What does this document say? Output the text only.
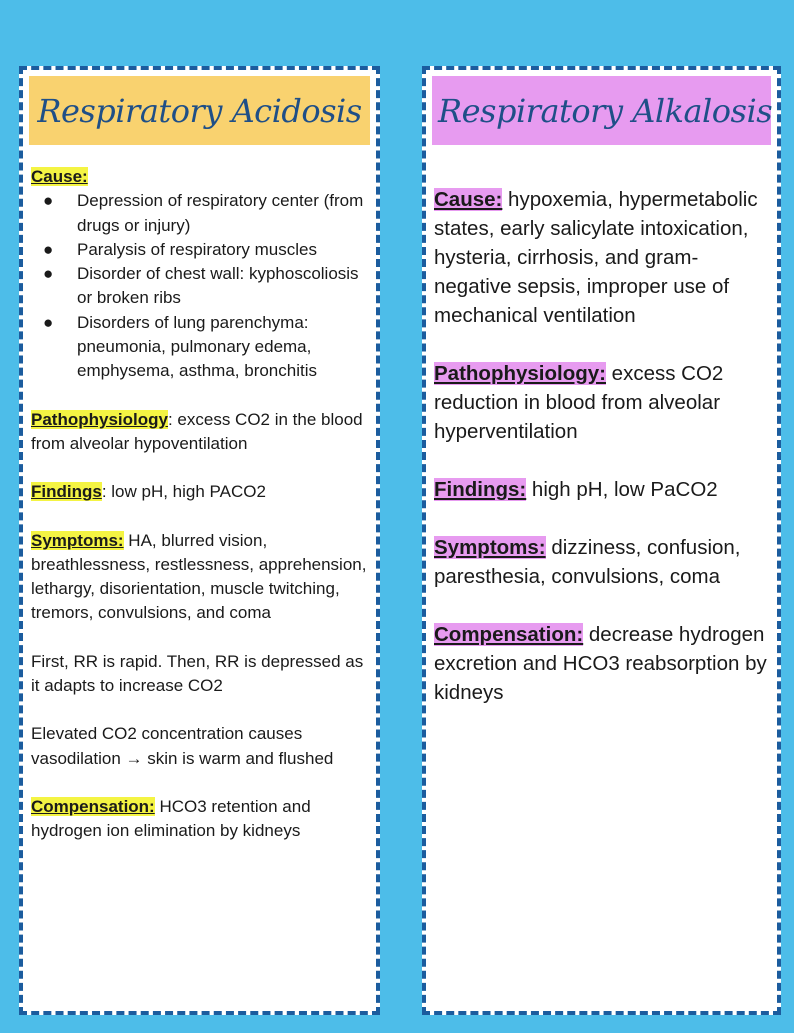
Respiratory Acidosis
Cause:
● Depression of respiratory center (from drugs or injury)
● Paralysis of respiratory muscles
● Disorder of chest wall: kyphoscoliosis or broken ribs
● Disorders of lung parenchyma: pneumonia, pulmonary edema, emphysema, asthma, bronchitis
Pathophysiology: excess CO2 in the blood from alveolar hypoventilation
Findings: low pH, high PACO2
Symptoms: HA, blurred vision, breathlessness, restlessness, apprehension, lethargy, disorientation, muscle twitching, tremors, convulsions, and coma
First, RR is rapid. Then, RR is depressed as it adapts to increase CO2
Elevated CO2 concentration causes vasodilation → skin is warm and flushed
Compensation: HCO3 retention and hydrogen ion elimination by kidneys
Respiratory Alkalosis
Cause: hypoxemia, hypermetabolic states, early salicylate intoxication, hysteria, cirrhosis, and gram-negative sepsis, improper use of mechanical ventilation
Pathophysiology: excess CO2 reduction in blood from alveolar hyperventilation
Findings: high pH, low PaCO2
Symptoms: dizziness, confusion, paresthesia, convulsions, coma
Compensation: decrease hydrogen excretion and HCO3 reabsorption by kidneys
